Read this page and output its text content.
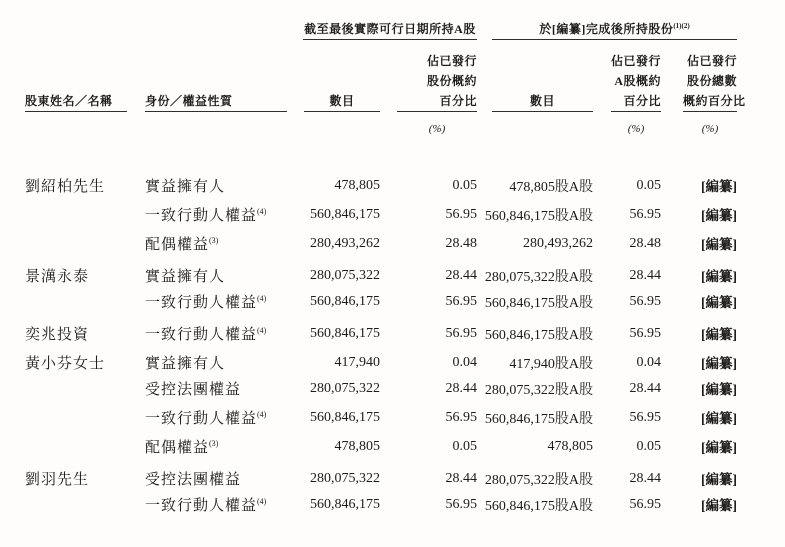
		截至最後實際可行日期所持A股		於[編纂]完成後所持股份$^{(1)(2)}$

股東姓名／名稱	身份／權益性質	數目	佔已發行
股份概約
百分比	數目	佔已發行
A股概約
百分比	佔已發行
股份總數
概約百分比

			(%)		(%)	(%)

劉紹柏先生	實益擁有人	478,805	0.05	478,805股A股	0.05	[編纂]
	一致行動人權益$^{(4)}$	560,846,175	56.95	560,846,175股A股	56.95	[編纂]
	配偶權益$^{(3)}$	280,493,262	28.48	280,493,262	28.48	[編纂]
景澫永泰	實益擁有人	280,075,322	28.44	280,075,322股A股	28.44	[編纂]
	一致行動人權益$^{(4)}$	560,846,175	56.95	560,846,175股A股	56.95	[編纂]
奕兆投資	一致行動人權益$^{(4)}$	560,846,175	56.95	560,846,175股A股	56.95	[編纂]
黃小芬女士	實益擁有人	417,940	0.04	417,940股A股	0.04	[編纂]
	受控法團權益	280,075,322	28.44	280,075,322股A股	28.44	[編纂]
	一致行動人權益$^{(4)}$	560,846,175	56.95	560,846,175股A股	56.95	[編纂]
	配偶權益$^{(3)}$	478,805	0.05	478,805	0.05	[編纂]
劉羽先生	受控法團權益	280,075,322	28.44	280,075,322股A股	28.44	[編纂]
	一致行動人權益$^{(4)}$	560,846,175	56.95	560,846,175股A股	56.95	[編纂]
